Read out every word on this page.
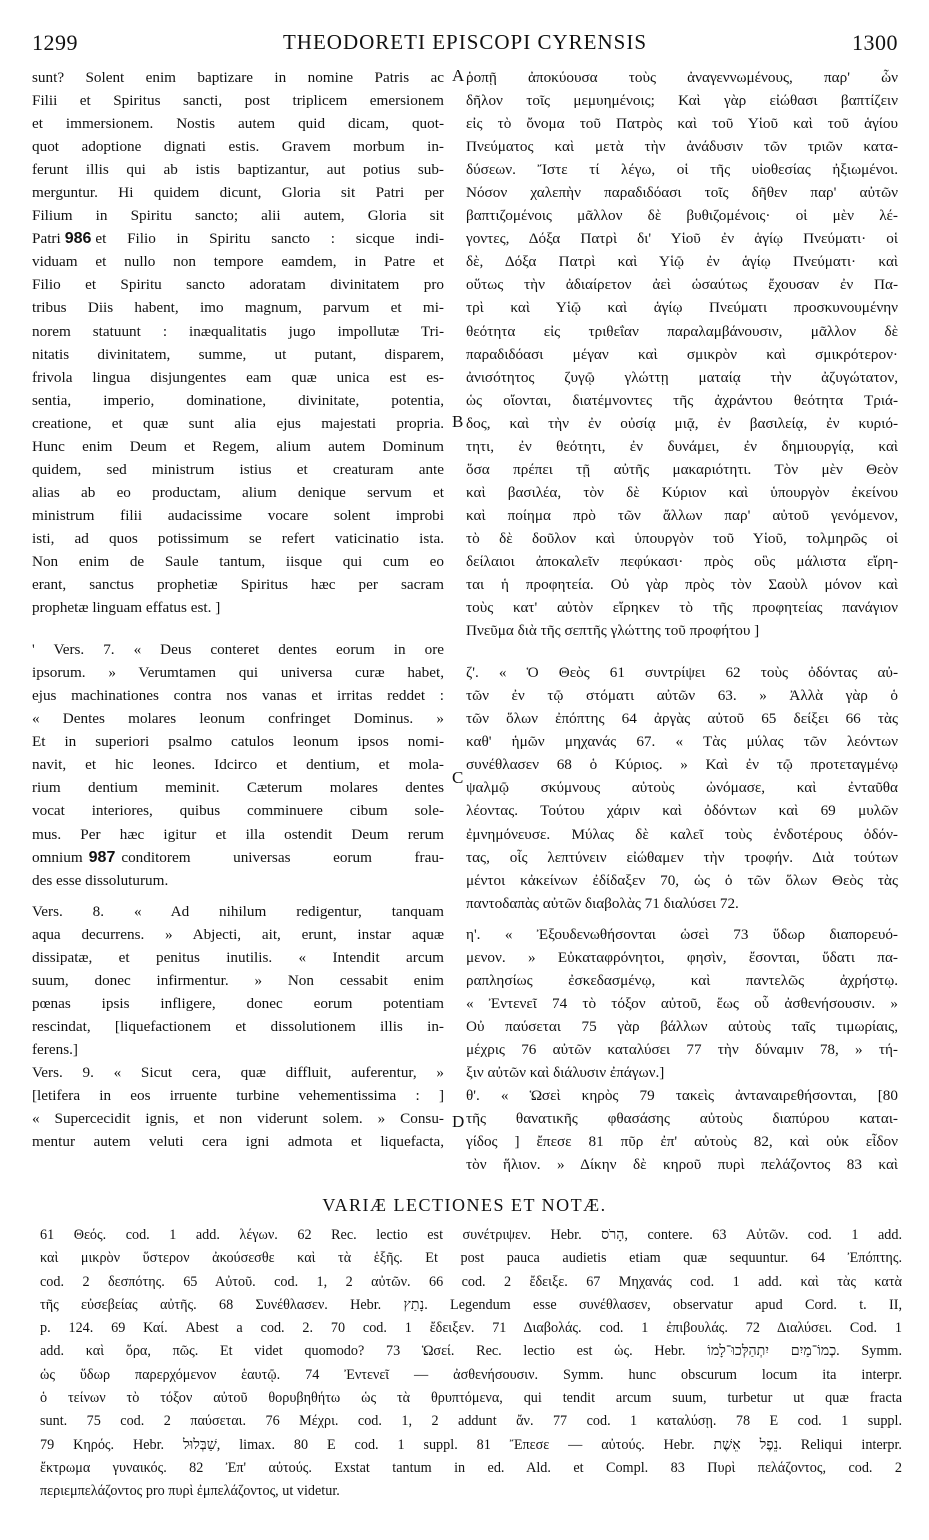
1299	THEODORETI EPISCOPI CYRENSIS	1300
sunt? Solent enim baptizare in nomine Patris ac
Filii et Spiritus sancti, post triplicem emersionem
et immersionem. Nostis autem quid dicam, quot-
quot adoptione dignati estis. Gravem morbum in-
ferunt illis qui ab istis baptizantur, aut potius sub-
merguntur. Hi quidem dicunt, Gloria sit Patri per
Filium in Spiritu sancto; alii autem, Gloria sit
Patri 986 et Filio in Spiritu sancto : sicque indi-
viduam et nullo non tempore eamdem, in Patre et
Filio et Spiritu sancto adoratam divinitatem pro
tribus Diis habent, imo magnum, parvum et mi-
norem statuunt : inæqualitatis jugo impollutæ Tri-
nitatis divinitatem, summe, ut putant, disparem,
frivola lingua disjungentes eam quæ unica est es-
sentia, imperio, dominatione, divinitate, potentia,
creatione, et quæ sunt alia ejus majestati propria.
Hunc enim Deum et Regem, alium autem Dominum
quidem, sed ministrum istius et creaturam ante
alias ab eo productam, alium denique servum et
ministrum filii audacissime vocare solent improbi
isti, ad quos potissimum se refert vaticinatio ista.
Non enim de Saule tantum, iisque qui cum eo
erant, sanctus prophetiæ Spiritus hæc per sacram
prophetæ linguam effatus est. ]
' Vers. 7. « Deus conteret dentes eorum in ore
ipsorum. » Verumtamen qui universa curæ habet,
ejus machinationes contra nos vanas et irritas reddet :
« Dentes molares leonum confringet Dominus. »
Et in superiori psalmo catulos leonum ipsos nomi-
navit, et hic leones. Idcirco et dentium, et mola-
rium dentium meminit. Cæterum molares dentes
vocat interiores, quibus comminuere cibum sole-
mus. Per hæc igitur et illa ostendit Deum rerum
omnium 987 conditorem universas eorum frau-
des esse dissoluturum.
Vers. 8. « Ad nihilum redigentur, tanquam
aqua decurrens. » Abjecti, ait, erunt, instar aquæ
dissipatæ, et penitus inutilis. « Intendit arcum
suum, donec infirmentur. » Non cessabit enim
pœnas ipsis infligere, donec eorum potentiam
rescindat, [liquefactionem et dissolutionem illis in-
ferens.]
Vers. 9. « Sicut cera, quæ diffluit, auferentur, »
[letifera in eos irruente turbine vehementissima : ]
« Supercecidit ignis, et non viderunt solem. » Consu-
mentur autem veluti cera igni admota et liquefacta,
A
B
C
D
ῥοπῇ ἀποκύουσα τοὺς ἀναγεννωμένους, παρ' ὧν
δῆλον τοῖς μεμυημένοις; Καὶ γὰρ εἰώθασι βαπτίζειν
εἰς τὸ ὄνομα τοῦ Πατρὸς καὶ τοῦ Υἱοῦ καὶ τοῦ ἁγίου
Πνεύματος καὶ μετὰ τὴν ἀνάδυσιν τῶν τριῶν κατα-
δύσεων. Ἴστε τί λέγω, οἱ τῆς υἱοθεσίας ἠξιωμένοι.
Νόσον χαλεπὴν παραδιδόασι τοῖς δῆθεν παρ' αὐτῶν
βαπτιζομένοις μᾶλλον δὲ βυθιζομένοις· οἱ μὲν λέ-
γοντες, Δόξα Πατρὶ δι' Υἱοῦ ἐν ἁγίῳ Πνεύματι· οἱ
δὲ, Δόξα Πατρὶ καὶ Υἱῷ ἐν ἁγίῳ Πνεύματι· καὶ
οὕτως τὴν ἀδιαίρετον ἀεὶ ὡσαύτως ἔχουσαν ἐν Πα-
τρὶ καὶ Υἱῷ καὶ ἁγίῳ Πνεύματι προσκυνουμένην
θεότητα εἰς τριθεΐαν παραλαμβάνουσιν, μᾶλλον δὲ
παραδιδόασι μέγαν καὶ σμικρὸν καὶ σμικρότερον·
ἀνισότητος ζυγῷ γλώττῃ ματαίᾳ τὴν ἀζυγώτατον,
ὡς οἴονται, διατέμνοντες τῆς ἀχράντου θεότητα Τριά-
δος, καὶ τὴν ἐν οὐσίᾳ μιᾷ, ἐν βασιλείᾳ, ἐν κυριό-
τητι, ἐν θεότητι, ἐν δυνάμει, ἐν δημιουργίᾳ, καὶ
ὅσα πρέπει τῇ αὐτῆς μακαριότητι. Τὸν μὲν Θεὸν
καὶ βασιλέα, τὸν δὲ Κύριον καὶ ὑπουργὸν ἐκείνου
καὶ ποίημα πρὸ τῶν ἄλλων παρ' αὐτοῦ γενόμενον,
τὸ δὲ δοῦλον καὶ ὑπουργὸν τοῦ Υἱοῦ, τολμηρῶς οἱ
δείλαιοι ἀποκαλεῖν πεφύκασι· πρὸς οὓς μάλιστα εἴρη-
ται ἡ προφητεία. Οὐ γὰρ πρὸς τὸν Σαοὺλ μόνον καὶ
τοὺς κατ' αὐτὸν εἴρηκεν τὸ τῆς προφητείας πανάγιον
Πνεῦμα διὰ τῆς σεπτῆς γλώττης τοῦ προφήτου ]
ζ'. « Ὁ Θεὸς 61 συντρίψει 62 τοὺς ὀδόντας αὐ-
τῶν ἐν τῷ στόματι αὐτῶν 63. » Ἀλλὰ γὰρ ὁ
τῶν ὅλων ἐπόπτης 64 ἀργὰς αὐτοῦ 65 δείξει 66 τὰς
καθ' ἡμῶν μηχανάς 67. « Τὰς μύλας τῶν λεόντων
συνέθλασεν 68 ὁ Κύριος. » Καὶ ἐν τῷ προτεταγμένῳ
ψαλμῷ σκύμνους αὐτοὺς ὠνόμασε, καὶ ἐνταῦθα
λέοντας. Τούτου χάριν καὶ ὀδόντων καὶ 69 μυλῶν
ἐμνημόνευσε. Μύλας δὲ καλεῖ τοὺς ἐνδοτέρους ὀδόν-
τας, οἷς λεπτύνειν εἰώθαμεν τὴν τροφήν. Διὰ τούτων
μέντοι κἀκείνων ἐδίδαξεν 70, ὡς ὁ τῶν ὅλων Θεὸς τὰς
παντοδαπὰς αὐτῶν διαβολὰς 71 διαλύσει 72.
η'. « Ἐξουδενωθήσονται ὡσεὶ 73 ὕδωρ διαπορευό-
μενον. » Εὐκαταφρόνητοι, φησὶν, ἔσονται, ὕδατι πα-
ραπλησίως ἐσκεδασμένῳ, καὶ παντελῶς ἀχρήστῳ.
« Ἐντενεῖ 74 τὸ τόξον αὐτοῦ, ἕως οὗ ἀσθενήσουσιν. »
Οὐ παύσεται 75 γὰρ βάλλων αὐτοὺς ταῖς τιμωρίαις,
μέχρις 76 αὐτῶν καταλύσει 77 τὴν δύναμιν 78, » τή-
ξιν αὐτῶν καὶ διάλυσιν ἐπάγων.]
θ'. « Ὡσεὶ κηρὸς 79 τακεὶς ἀνταναιρεθήσονται, [80
τῆς θανατικῆς φθασάσης αὐτοὺς διαπύρου καται-
γίδος ] ἔπεσε 81 πῦρ ἐπ' αὐτοὺς 82, καὶ οὐκ εἶδον
τὸν ἥλιον. » Δίκην δὲ κηροῦ πυρὶ πελάζοντος 83 καὶ
VARIÆ LECTIONES ET NOTÆ.
61 Θεός. cod. 1 add. λέγων. 62 Rec. lectio est συνέτριψεν. Hebr. הָרֹס, contere. 63 Αὐτῶν. cod. 1 add.
καὶ μικρὸν ὕστερον ἀκούσεσθε καὶ τὰ ἑξῆς. Et post pauca audietis etiam quæ sequuntur. 64 Ἐπόπτης.
cod. 2 δεσπότης. 65 Αὐτοῦ. cod. 1, 2 αὐτῶν. 66 cod. 2 ἔδειξε. 67 Μηχανάς cod. 1 add. καὶ τὰς κατὰ
τῆς εὐσεβείας αὐτῆς. 68 Συνέθλασεν. Hebr. נָתַץ. Legendum esse συνέθλασεν, observatur apud Cord. t. II,
p. 124. 69 Καί. Abest a cod. 2. 70 cod. 1 ἔδειξεν. 71 Διαβολάς. cod. 1 ἐπιβουλάς. 72 Διαλύσει. Cod. 1
add. καὶ ὅρα, πῶς. Et videt quomodo? 73 Ὡσεί. Rec. lectio est ὡς. Hebr. כְמוֹ־מַיִם יִתְהַלְּכוּ־לָמוֹ. Symm.
ὡς ὕδωρ παρερχόμενον ἑαυτῷ. 74 Ἐντενεῖ — ἀσθενήσουσιν. Symm. hunc obscurum locum ita interpr.
ὁ τείνων τὸ τόξον αὐτοῦ θορυβηθήτω ὡς τὰ θρυπτόμενα, qui tendit arcum suum, turbetur ut quæ fracta
sunt. 75 cod. 2 παύσεται. 76 Μέχρι. cod. 1, 2 addunt ἄν. 77 cod. 1 καταλύσῃ. 78 E cod. 1 suppl.
79 Κηρός. Hebr. שַׁבְּלוּל, limax. 80 E cod. 1 suppl. 81 Ἔπεσε — αὐτούς. Hebr. נֵפֶל אֵשֶׁת. Reliqui interpr.
ἔκτρωμα γυναικός. 82 Ἐπ' αὐτούς. Exstat tantum in ed. Ald. et Compl. 83 Πυρὶ πελάζοντος, cod. 2
περιεμπελάζοντος pro πυρὶ ἐμπελάζοντος, ut videtur.
